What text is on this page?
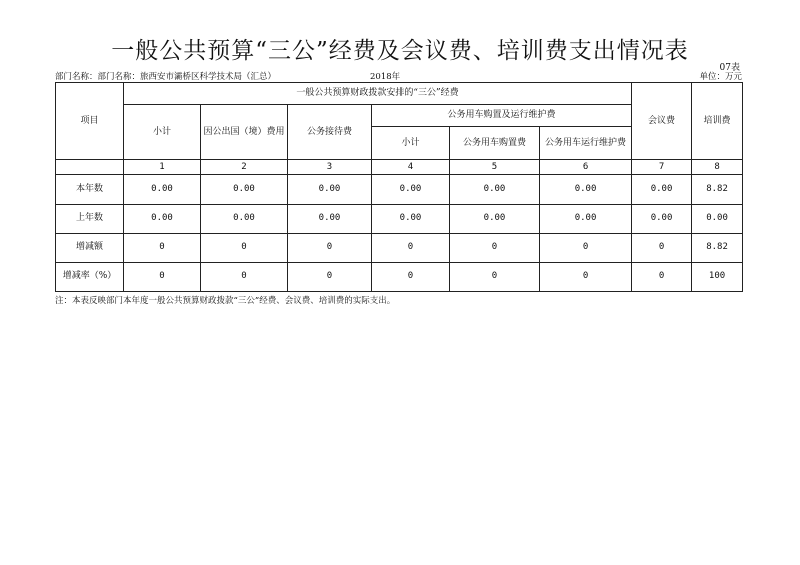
一般公共预算“三公”经费及会议费、培训费支出情况表
07表
部门名称：部门名称：旅西安市灞桥区科学技术局（汇总）	2018年	单位：万元
项目	一般公共预算财政拨款安排的“三公”经费						会议费	培训费
	小计	因公出国（境）费用	公务接待费	公务用车购置及运行维护费				
				小计	公务用车购置费	公务用车运行维护费		
	1	2	3	4	5	6	7	8
本年数	0.00	0.00	0.00	0.00	0.00	0.00	0.00	8.82
上年数	0.00	0.00	0.00	0.00	0.00	0.00	0.00	0.00
增减额	0	0	0	0	0	0	0	8.82
增减率（%）	0	0	0	0	0	0	0	100
注：本表反映部门本年度一般公共预算财政拨款“三公”经费、会议费、培训费的实际支出。
